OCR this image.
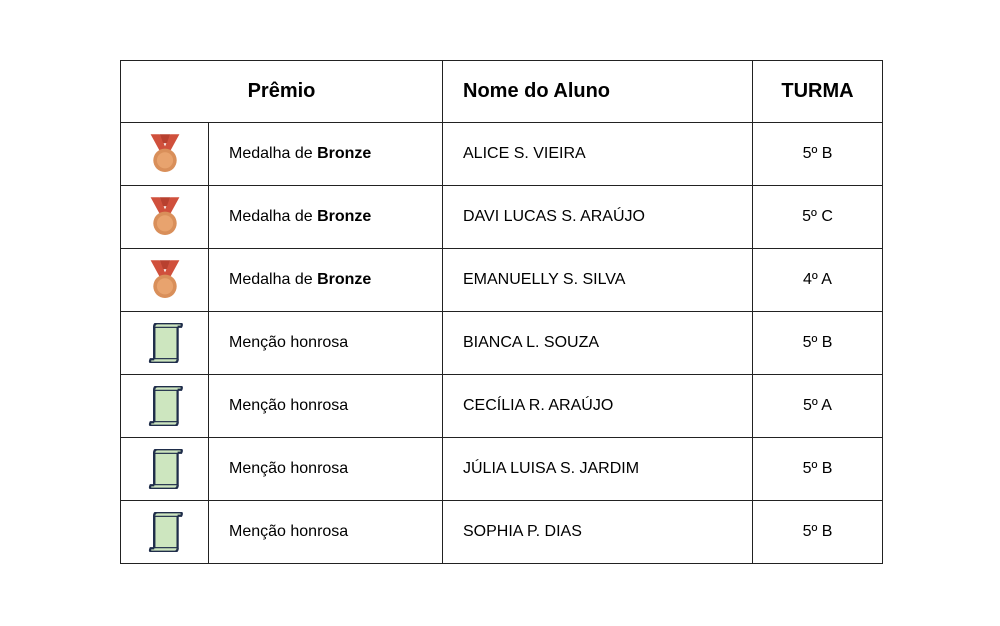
Prêmio		Nome do Aluno	TURMA

	Medalha de Bronze	ALICE S. VIEIRA	5º B

	Medalha de Bronze	DAVI LUCAS S. ARAÚJO	5º C

	Medalha de Bronze	EMANUELLY S. SILVA	4º A

	Menção honrosa	BIANCA L. SOUZA	5º B

	Menção honrosa	CECÍLIA R. ARAÚJO	5º A

	Menção honrosa	JÚLIA LUISA S. JARDIM	5º B

	Menção honrosa	SOPHIA P. DIAS	5º B
